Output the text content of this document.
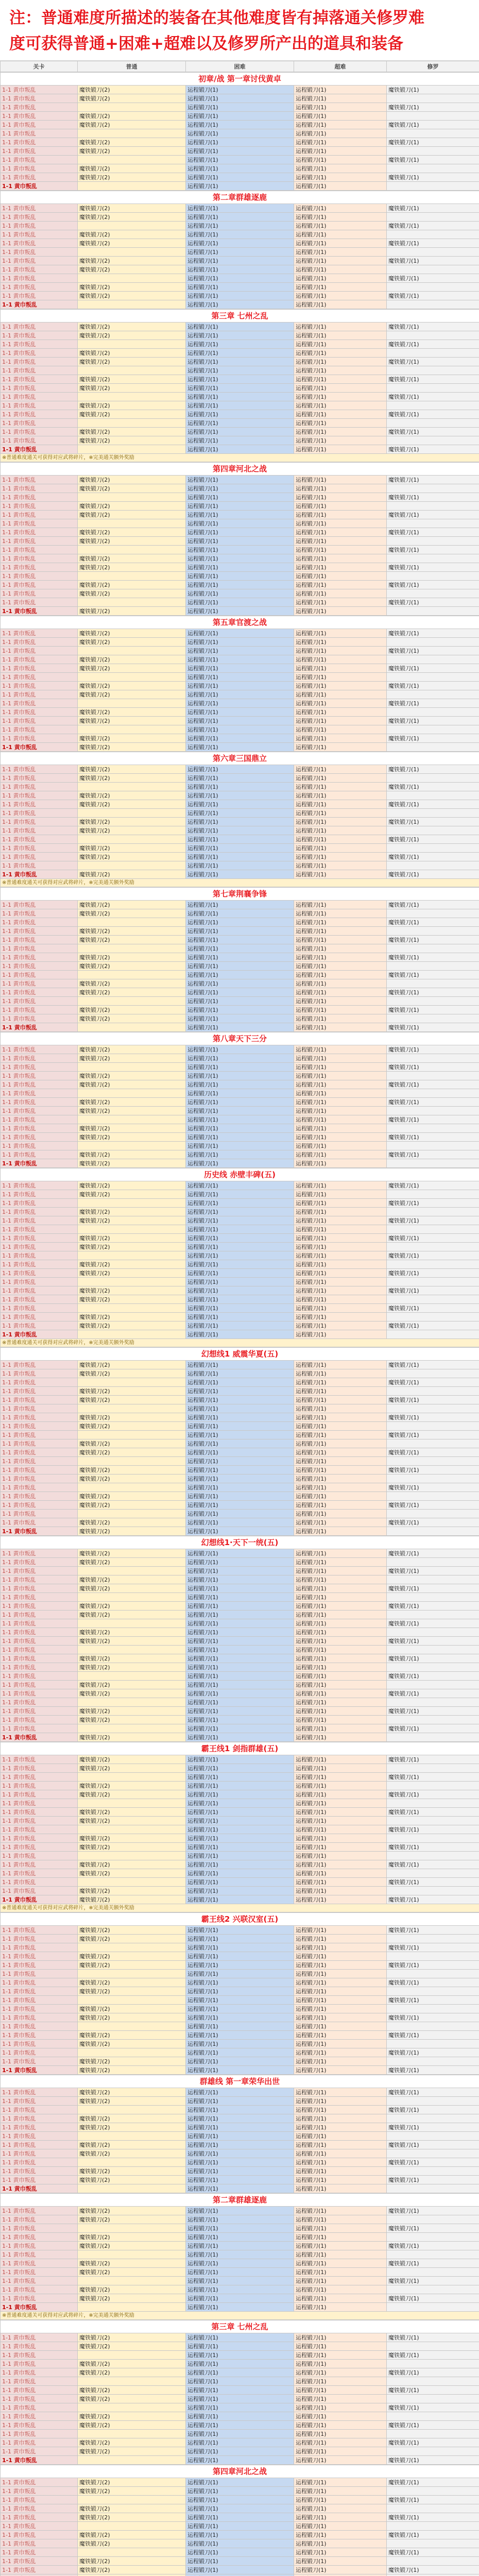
注：普通难度所描述的装备在其他难度皆有掉落通关修罗难
度可获得普通+困难+超难以及修罗所产出的道具和装备
关卡	普通	困难	超难	修罗
初章/战 第一章讨伐黄卓				
1-1 黄巾叛乱	魔铁锻刀(2)	运程锻刀(1)	运程锻刀(1)	魔铁锻刀(1)
1-1 黄巾叛乱	魔铁锻刀(2)	运程锻刀(1)	运程锻刀(1)	
1-1 黄巾叛乱		运程锻刀(1)	运程锻刀(1)	魔铁锻刀(1)
1-1 黄巾叛乱	魔铁锻刀(2)	运程锻刀(1)	运程锻刀(1)	
1-1 黄巾叛乱	魔铁锻刀(2)	运程锻刀(1)	运程锻刀(1)	魔铁锻刀(1)
1-1 黄巾叛乱		运程锻刀(1)	运程锻刀(1)	
1-1 黄巾叛乱	魔铁锻刀(2)	运程锻刀(1)	运程锻刀(1)	魔铁锻刀(1)
1-1 黄巾叛乱	魔铁锻刀(2)	运程锻刀(1)	运程锻刀(1)	
1-1 黄巾叛乱		运程锻刀(1)	运程锻刀(1)	魔铁锻刀(1)
1-1 黄巾叛乱	魔铁锻刀(2)	运程锻刀(1)	运程锻刀(1)	
1-1 黄巾叛乱	魔铁锻刀(2)	运程锻刀(1)	运程锻刀(1)	魔铁锻刀(1)
1-1 黄巾叛乱		运程锻刀(1)	运程锻刀(1)	
第二章群雄逐鹿				
1-1 黄巾叛乱	魔铁锻刀(2)	运程锻刀(1)	运程锻刀(1)	魔铁锻刀(1)
1-1 黄巾叛乱	魔铁锻刀(2)	运程锻刀(1)	运程锻刀(1)	
1-1 黄巾叛乱		运程锻刀(1)	运程锻刀(1)	魔铁锻刀(1)
1-1 黄巾叛乱	魔铁锻刀(2)	运程锻刀(1)	运程锻刀(1)	
1-1 黄巾叛乱	魔铁锻刀(2)	运程锻刀(1)	运程锻刀(1)	魔铁锻刀(1)
1-1 黄巾叛乱		运程锻刀(1)	运程锻刀(1)	
1-1 黄巾叛乱	魔铁锻刀(2)	运程锻刀(1)	运程锻刀(1)	魔铁锻刀(1)
1-1 黄巾叛乱	魔铁锻刀(2)	运程锻刀(1)	运程锻刀(1)	
1-1 黄巾叛乱		运程锻刀(1)	运程锻刀(1)	魔铁锻刀(1)
1-1 黄巾叛乱	魔铁锻刀(2)	运程锻刀(1)	运程锻刀(1)	
1-1 黄巾叛乱	魔铁锻刀(2)	运程锻刀(1)	运程锻刀(1)	魔铁锻刀(1)
1-1 黄巾叛乱		运程锻刀(1)	运程锻刀(1)	
第三章 七州之乱				
1-1 黄巾叛乱	魔铁锻刀(2)	运程锻刀(1)	运程锻刀(1)	魔铁锻刀(1)
1-1 黄巾叛乱	魔铁锻刀(2)	运程锻刀(1)	运程锻刀(1)	
1-1 黄巾叛乱		运程锻刀(1)	运程锻刀(1)	魔铁锻刀(1)
1-1 黄巾叛乱	魔铁锻刀(2)	运程锻刀(1)	运程锻刀(1)	
1-1 黄巾叛乱	魔铁锻刀(2)	运程锻刀(1)	运程锻刀(1)	魔铁锻刀(1)
1-1 黄巾叛乱		运程锻刀(1)	运程锻刀(1)	
1-1 黄巾叛乱	魔铁锻刀(2)	运程锻刀(1)	运程锻刀(1)	魔铁锻刀(1)
1-1 黄巾叛乱	魔铁锻刀(2)	运程锻刀(1)	运程锻刀(1)	
1-1 黄巾叛乱		运程锻刀(1)	运程锻刀(1)	魔铁锻刀(1)
1-1 黄巾叛乱	魔铁锻刀(2)	运程锻刀(1)	运程锻刀(1)	
1-1 黄巾叛乱	魔铁锻刀(2)	运程锻刀(1)	运程锻刀(1)	魔铁锻刀(1)
1-1 黄巾叛乱		运程锻刀(1)	运程锻刀(1)	
1-1 黄巾叛乱	魔铁锻刀(2)	运程锻刀(1)	运程锻刀(1)	魔铁锻刀(1)
1-1 黄巾叛乱	魔铁锻刀(2)	运程锻刀(1)	运程锻刀(1)	
1-1 黄巾叛乱		运程锻刀(1)	运程锻刀(1)	魔铁锻刀(1)
※普通难度通关可获得对应武将碎片，※完美通关额外奖励				
第四章河北之战				
1-1 黄巾叛乱	魔铁锻刀(2)	运程锻刀(1)	运程锻刀(1)	魔铁锻刀(1)
1-1 黄巾叛乱	魔铁锻刀(2)	运程锻刀(1)	运程锻刀(1)	
1-1 黄巾叛乱		运程锻刀(1)	运程锻刀(1)	魔铁锻刀(1)
1-1 黄巾叛乱	魔铁锻刀(2)	运程锻刀(1)	运程锻刀(1)	
1-1 黄巾叛乱	魔铁锻刀(2)	运程锻刀(1)	运程锻刀(1)	魔铁锻刀(1)
1-1 黄巾叛乱		运程锻刀(1)	运程锻刀(1)	
1-1 黄巾叛乱	魔铁锻刀(2)	运程锻刀(1)	运程锻刀(1)	魔铁锻刀(1)
1-1 黄巾叛乱	魔铁锻刀(2)	运程锻刀(1)	运程锻刀(1)	
1-1 黄巾叛乱		运程锻刀(1)	运程锻刀(1)	魔铁锻刀(1)
1-1 黄巾叛乱	魔铁锻刀(2)	运程锻刀(1)	运程锻刀(1)	
1-1 黄巾叛乱	魔铁锻刀(2)	运程锻刀(1)	运程锻刀(1)	魔铁锻刀(1)
1-1 黄巾叛乱		运程锻刀(1)	运程锻刀(1)	
1-1 黄巾叛乱	魔铁锻刀(2)	运程锻刀(1)	运程锻刀(1)	魔铁锻刀(1)
1-1 黄巾叛乱	魔铁锻刀(2)	运程锻刀(1)	运程锻刀(1)	
1-1 黄巾叛乱		运程锻刀(1)	运程锻刀(1)	魔铁锻刀(1)
1-1 黄巾叛乱	魔铁锻刀(2)	运程锻刀(1)	运程锻刀(1)	
第五章官渡之战				
1-1 黄巾叛乱	魔铁锻刀(2)	运程锻刀(1)	运程锻刀(1)	魔铁锻刀(1)
1-1 黄巾叛乱	魔铁锻刀(2)	运程锻刀(1)	运程锻刀(1)	
1-1 黄巾叛乱		运程锻刀(1)	运程锻刀(1)	魔铁锻刀(1)
1-1 黄巾叛乱	魔铁锻刀(2)	运程锻刀(1)	运程锻刀(1)	
1-1 黄巾叛乱	魔铁锻刀(2)	运程锻刀(1)	运程锻刀(1)	魔铁锻刀(1)
1-1 黄巾叛乱		运程锻刀(1)	运程锻刀(1)	
1-1 黄巾叛乱	魔铁锻刀(2)	运程锻刀(1)	运程锻刀(1)	魔铁锻刀(1)
1-1 黄巾叛乱	魔铁锻刀(2)	运程锻刀(1)	运程锻刀(1)	
1-1 黄巾叛乱		运程锻刀(1)	运程锻刀(1)	魔铁锻刀(1)
1-1 黄巾叛乱	魔铁锻刀(2)	运程锻刀(1)	运程锻刀(1)	
1-1 黄巾叛乱	魔铁锻刀(2)	运程锻刀(1)	运程锻刀(1)	魔铁锻刀(1)
1-1 黄巾叛乱		运程锻刀(1)	运程锻刀(1)	
1-1 黄巾叛乱	魔铁锻刀(2)	运程锻刀(1)	运程锻刀(1)	魔铁锻刀(1)
1-1 黄巾叛乱	魔铁锻刀(2)	运程锻刀(1)	运程锻刀(1)	
第六章三国鼎立				
1-1 黄巾叛乱	魔铁锻刀(2)	运程锻刀(1)	运程锻刀(1)	魔铁锻刀(1)
1-1 黄巾叛乱	魔铁锻刀(2)	运程锻刀(1)	运程锻刀(1)	
1-1 黄巾叛乱		运程锻刀(1)	运程锻刀(1)	魔铁锻刀(1)
1-1 黄巾叛乱	魔铁锻刀(2)	运程锻刀(1)	运程锻刀(1)	
1-1 黄巾叛乱	魔铁锻刀(2)	运程锻刀(1)	运程锻刀(1)	魔铁锻刀(1)
1-1 黄巾叛乱		运程锻刀(1)	运程锻刀(1)	
1-1 黄巾叛乱	魔铁锻刀(2)	运程锻刀(1)	运程锻刀(1)	魔铁锻刀(1)
1-1 黄巾叛乱	魔铁锻刀(2)	运程锻刀(1)	运程锻刀(1)	
1-1 黄巾叛乱		运程锻刀(1)	运程锻刀(1)	魔铁锻刀(1)
1-1 黄巾叛乱	魔铁锻刀(2)	运程锻刀(1)	运程锻刀(1)	
1-1 黄巾叛乱	魔铁锻刀(2)	运程锻刀(1)	运程锻刀(1)	魔铁锻刀(1)
1-1 黄巾叛乱		运程锻刀(1)	运程锻刀(1)	
1-1 黄巾叛乱	魔铁锻刀(2)	运程锻刀(1)	运程锻刀(1)	魔铁锻刀(1)
※普通难度通关可获得对应武将碎片，※完美通关额外奖励				
第七章荆襄争锋				
1-1 黄巾叛乱	魔铁锻刀(2)	运程锻刀(1)	运程锻刀(1)	魔铁锻刀(1)
1-1 黄巾叛乱	魔铁锻刀(2)	运程锻刀(1)	运程锻刀(1)	
1-1 黄巾叛乱		运程锻刀(1)	运程锻刀(1)	魔铁锻刀(1)
1-1 黄巾叛乱	魔铁锻刀(2)	运程锻刀(1)	运程锻刀(1)	
1-1 黄巾叛乱	魔铁锻刀(2)	运程锻刀(1)	运程锻刀(1)	魔铁锻刀(1)
1-1 黄巾叛乱		运程锻刀(1)	运程锻刀(1)	
1-1 黄巾叛乱	魔铁锻刀(2)	运程锻刀(1)	运程锻刀(1)	魔铁锻刀(1)
1-1 黄巾叛乱	魔铁锻刀(2)	运程锻刀(1)	运程锻刀(1)	
1-1 黄巾叛乱		运程锻刀(1)	运程锻刀(1)	魔铁锻刀(1)
1-1 黄巾叛乱	魔铁锻刀(2)	运程锻刀(1)	运程锻刀(1)	
1-1 黄巾叛乱	魔铁锻刀(2)	运程锻刀(1)	运程锻刀(1)	魔铁锻刀(1)
1-1 黄巾叛乱		运程锻刀(1)	运程锻刀(1)	
1-1 黄巾叛乱	魔铁锻刀(2)	运程锻刀(1)	运程锻刀(1)	魔铁锻刀(1)
1-1 黄巾叛乱	魔铁锻刀(2)	运程锻刀(1)	运程锻刀(1)	
1-1 黄巾叛乱		运程锻刀(1)	运程锻刀(1)	魔铁锻刀(1)
第八章天下三分				
1-1 黄巾叛乱	魔铁锻刀(2)	运程锻刀(1)	运程锻刀(1)	魔铁锻刀(1)
1-1 黄巾叛乱	魔铁锻刀(2)	运程锻刀(1)	运程锻刀(1)	
1-1 黄巾叛乱		运程锻刀(1)	运程锻刀(1)	魔铁锻刀(1)
1-1 黄巾叛乱	魔铁锻刀(2)	运程锻刀(1)	运程锻刀(1)	
1-1 黄巾叛乱	魔铁锻刀(2)	运程锻刀(1)	运程锻刀(1)	魔铁锻刀(1)
1-1 黄巾叛乱		运程锻刀(1)	运程锻刀(1)	
1-1 黄巾叛乱	魔铁锻刀(2)	运程锻刀(1)	运程锻刀(1)	魔铁锻刀(1)
1-1 黄巾叛乱	魔铁锻刀(2)	运程锻刀(1)	运程锻刀(1)	
1-1 黄巾叛乱		运程锻刀(1)	运程锻刀(1)	魔铁锻刀(1)
1-1 黄巾叛乱	魔铁锻刀(2)	运程锻刀(1)	运程锻刀(1)	
1-1 黄巾叛乱	魔铁锻刀(2)	运程锻刀(1)	运程锻刀(1)	魔铁锻刀(1)
1-1 黄巾叛乱		运程锻刀(1)	运程锻刀(1)	
1-1 黄巾叛乱	魔铁锻刀(2)	运程锻刀(1)	运程锻刀(1)	魔铁锻刀(1)
1-1 黄巾叛乱	魔铁锻刀(2)	运程锻刀(1)	运程锻刀(1)	
历史线 赤壁丰碑(五)				
1-1 黄巾叛乱	魔铁锻刀(2)	运程锻刀(1)	运程锻刀(1)	魔铁锻刀(1)
1-1 黄巾叛乱	魔铁锻刀(2)	运程锻刀(1)	运程锻刀(1)	
1-1 黄巾叛乱		运程锻刀(1)	运程锻刀(1)	魔铁锻刀(1)
1-1 黄巾叛乱	魔铁锻刀(2)	运程锻刀(1)	运程锻刀(1)	
1-1 黄巾叛乱	魔铁锻刀(2)	运程锻刀(1)	运程锻刀(1)	魔铁锻刀(1)
1-1 黄巾叛乱		运程锻刀(1)	运程锻刀(1)	
1-1 黄巾叛乱	魔铁锻刀(2)	运程锻刀(1)	运程锻刀(1)	魔铁锻刀(1)
1-1 黄巾叛乱	魔铁锻刀(2)	运程锻刀(1)	运程锻刀(1)	
1-1 黄巾叛乱		运程锻刀(1)	运程锻刀(1)	魔铁锻刀(1)
1-1 黄巾叛乱	魔铁锻刀(2)	运程锻刀(1)	运程锻刀(1)	
1-1 黄巾叛乱	魔铁锻刀(2)	运程锻刀(1)	运程锻刀(1)	魔铁锻刀(1)
1-1 黄巾叛乱		运程锻刀(1)	运程锻刀(1)	
1-1 黄巾叛乱	魔铁锻刀(2)	运程锻刀(1)	运程锻刀(1)	魔铁锻刀(1)
1-1 黄巾叛乱	魔铁锻刀(2)	运程锻刀(1)	运程锻刀(1)	
1-1 黄巾叛乱		运程锻刀(1)	运程锻刀(1)	魔铁锻刀(1)
1-1 黄巾叛乱	魔铁锻刀(2)	运程锻刀(1)	运程锻刀(1)	
1-1 黄巾叛乱	魔铁锻刀(2)	运程锻刀(1)	运程锻刀(1)	魔铁锻刀(1)
1-1 黄巾叛乱		运程锻刀(1)	运程锻刀(1)	
※普通难度通关可获得对应武将碎片，※完美通关额外奖励				
幻想线1 威震华夏(五)				
1-1 黄巾叛乱	魔铁锻刀(2)	运程锻刀(1)	运程锻刀(1)	魔铁锻刀(1)
1-1 黄巾叛乱	魔铁锻刀(2)	运程锻刀(1)	运程锻刀(1)	
1-1 黄巾叛乱		运程锻刀(1)	运程锻刀(1)	魔铁锻刀(1)
1-1 黄巾叛乱	魔铁锻刀(2)	运程锻刀(1)	运程锻刀(1)	
1-1 黄巾叛乱	魔铁锻刀(2)	运程锻刀(1)	运程锻刀(1)	魔铁锻刀(1)
1-1 黄巾叛乱		运程锻刀(1)	运程锻刀(1)	
1-1 黄巾叛乱	魔铁锻刀(2)	运程锻刀(1)	运程锻刀(1)	魔铁锻刀(1)
1-1 黄巾叛乱	魔铁锻刀(2)	运程锻刀(1)	运程锻刀(1)	
1-1 黄巾叛乱		运程锻刀(1)	运程锻刀(1)	魔铁锻刀(1)
1-1 黄巾叛乱	魔铁锻刀(2)	运程锻刀(1)	运程锻刀(1)	
1-1 黄巾叛乱	魔铁锻刀(2)	运程锻刀(1)	运程锻刀(1)	魔铁锻刀(1)
1-1 黄巾叛乱		运程锻刀(1)	运程锻刀(1)	
1-1 黄巾叛乱	魔铁锻刀(2)	运程锻刀(1)	运程锻刀(1)	魔铁锻刀(1)
1-1 黄巾叛乱	魔铁锻刀(2)	运程锻刀(1)	运程锻刀(1)	
1-1 黄巾叛乱		运程锻刀(1)	运程锻刀(1)	魔铁锻刀(1)
1-1 黄巾叛乱	魔铁锻刀(2)	运程锻刀(1)	运程锻刀(1)	
1-1 黄巾叛乱	魔铁锻刀(2)	运程锻刀(1)	运程锻刀(1)	魔铁锻刀(1)
1-1 黄巾叛乱		运程锻刀(1)	运程锻刀(1)	
1-1 黄巾叛乱	魔铁锻刀(2)	运程锻刀(1)	运程锻刀(1)	魔铁锻刀(1)
1-1 黄巾叛乱	魔铁锻刀(2)	运程锻刀(1)	运程锻刀(1)	
幻想线1·天下一统(五)				
1-1 黄巾叛乱	魔铁锻刀(2)	运程锻刀(1)	运程锻刀(1)	魔铁锻刀(1)
1-1 黄巾叛乱	魔铁锻刀(2)	运程锻刀(1)	运程锻刀(1)	
1-1 黄巾叛乱		运程锻刀(1)	运程锻刀(1)	魔铁锻刀(1)
1-1 黄巾叛乱	魔铁锻刀(2)	运程锻刀(1)	运程锻刀(1)	
1-1 黄巾叛乱	魔铁锻刀(2)	运程锻刀(1)	运程锻刀(1)	魔铁锻刀(1)
1-1 黄巾叛乱		运程锻刀(1)	运程锻刀(1)	
1-1 黄巾叛乱	魔铁锻刀(2)	运程锻刀(1)	运程锻刀(1)	魔铁锻刀(1)
1-1 黄巾叛乱	魔铁锻刀(2)	运程锻刀(1)	运程锻刀(1)	
1-1 黄巾叛乱		运程锻刀(1)	运程锻刀(1)	魔铁锻刀(1)
1-1 黄巾叛乱	魔铁锻刀(2)	运程锻刀(1)	运程锻刀(1)	
1-1 黄巾叛乱	魔铁锻刀(2)	运程锻刀(1)	运程锻刀(1)	魔铁锻刀(1)
1-1 黄巾叛乱		运程锻刀(1)	运程锻刀(1)	
1-1 黄巾叛乱	魔铁锻刀(2)	运程锻刀(1)	运程锻刀(1)	魔铁锻刀(1)
1-1 黄巾叛乱	魔铁锻刀(2)	运程锻刀(1)	运程锻刀(1)	
1-1 黄巾叛乱		运程锻刀(1)	运程锻刀(1)	魔铁锻刀(1)
1-1 黄巾叛乱	魔铁锻刀(2)	运程锻刀(1)	运程锻刀(1)	
1-1 黄巾叛乱	魔铁锻刀(2)	运程锻刀(1)	运程锻刀(1)	魔铁锻刀(1)
1-1 黄巾叛乱		运程锻刀(1)	运程锻刀(1)	
1-1 黄巾叛乱	魔铁锻刀(2)	运程锻刀(1)	运程锻刀(1)	魔铁锻刀(1)
1-1 黄巾叛乱	魔铁锻刀(2)	运程锻刀(1)	运程锻刀(1)	
1-1 黄巾叛乱		运程锻刀(1)	运程锻刀(1)	魔铁锻刀(1)
1-1 黄巾叛乱	魔铁锻刀(2)	运程锻刀(1)	运程锻刀(1)	
霸王线1 剑指群雄(五)				
1-1 黄巾叛乱	魔铁锻刀(2)	运程锻刀(1)	运程锻刀(1)	魔铁锻刀(1)
1-1 黄巾叛乱	魔铁锻刀(2)	运程锻刀(1)	运程锻刀(1)	
1-1 黄巾叛乱		运程锻刀(1)	运程锻刀(1)	魔铁锻刀(1)
1-1 黄巾叛乱	魔铁锻刀(2)	运程锻刀(1)	运程锻刀(1)	
1-1 黄巾叛乱	魔铁锻刀(2)	运程锻刀(1)	运程锻刀(1)	魔铁锻刀(1)
1-1 黄巾叛乱		运程锻刀(1)	运程锻刀(1)	
1-1 黄巾叛乱	魔铁锻刀(2)	运程锻刀(1)	运程锻刀(1)	魔铁锻刀(1)
1-1 黄巾叛乱	魔铁锻刀(2)	运程锻刀(1)	运程锻刀(1)	
1-1 黄巾叛乱		运程锻刀(1)	运程锻刀(1)	魔铁锻刀(1)
1-1 黄巾叛乱	魔铁锻刀(2)	运程锻刀(1)	运程锻刀(1)	
1-1 黄巾叛乱	魔铁锻刀(2)	运程锻刀(1)	运程锻刀(1)	魔铁锻刀(1)
1-1 黄巾叛乱		运程锻刀(1)	运程锻刀(1)	
1-1 黄巾叛乱	魔铁锻刀(2)	运程锻刀(1)	运程锻刀(1)	魔铁锻刀(1)
1-1 黄巾叛乱	魔铁锻刀(2)	运程锻刀(1)	运程锻刀(1)	
1-1 黄巾叛乱		运程锻刀(1)	运程锻刀(1)	魔铁锻刀(1)
1-1 黄巾叛乱	魔铁锻刀(2)	运程锻刀(1)	运程锻刀(1)	
1-1 黄巾叛乱	魔铁锻刀(2)	运程锻刀(1)	运程锻刀(1)	魔铁锻刀(1)
※普通难度通关可获得对应武将碎片，※完美通关额外奖励				
霸王线2 兴联汉室(五)				
1-1 黄巾叛乱	魔铁锻刀(2)	运程锻刀(1)	运程锻刀(1)	魔铁锻刀(1)
1-1 黄巾叛乱	魔铁锻刀(2)	运程锻刀(1)	运程锻刀(1)	
1-1 黄巾叛乱		运程锻刀(1)	运程锻刀(1)	魔铁锻刀(1)
1-1 黄巾叛乱	魔铁锻刀(2)	运程锻刀(1)	运程锻刀(1)	
1-1 黄巾叛乱	魔铁锻刀(2)	运程锻刀(1)	运程锻刀(1)	魔铁锻刀(1)
1-1 黄巾叛乱		运程锻刀(1)	运程锻刀(1)	
1-1 黄巾叛乱	魔铁锻刀(2)	运程锻刀(1)	运程锻刀(1)	魔铁锻刀(1)
1-1 黄巾叛乱	魔铁锻刀(2)	运程锻刀(1)	运程锻刀(1)	
1-1 黄巾叛乱		运程锻刀(1)	运程锻刀(1)	魔铁锻刀(1)
1-1 黄巾叛乱	魔铁锻刀(2)	运程锻刀(1)	运程锻刀(1)	
1-1 黄巾叛乱	魔铁锻刀(2)	运程锻刀(1)	运程锻刀(1)	魔铁锻刀(1)
1-1 黄巾叛乱		运程锻刀(1)	运程锻刀(1)	
1-1 黄巾叛乱	魔铁锻刀(2)	运程锻刀(1)	运程锻刀(1)	魔铁锻刀(1)
1-1 黄巾叛乱	魔铁锻刀(2)	运程锻刀(1)	运程锻刀(1)	
1-1 黄巾叛乱		运程锻刀(1)	运程锻刀(1)	魔铁锻刀(1)
1-1 黄巾叛乱	魔铁锻刀(2)	运程锻刀(1)	运程锻刀(1)	
1-1 黄巾叛乱	魔铁锻刀(2)	运程锻刀(1)	运程锻刀(1)	魔铁锻刀(1)
群雄线 第一章荣华出世				
1-1 黄巾叛乱	魔铁锻刀(2)	运程锻刀(1)	运程锻刀(1)	魔铁锻刀(1)
1-1 黄巾叛乱	魔铁锻刀(2)	运程锻刀(1)	运程锻刀(1)	
1-1 黄巾叛乱		运程锻刀(1)	运程锻刀(1)	魔铁锻刀(1)
1-1 黄巾叛乱	魔铁锻刀(2)	运程锻刀(1)	运程锻刀(1)	
1-1 黄巾叛乱	魔铁锻刀(2)	运程锻刀(1)	运程锻刀(1)	魔铁锻刀(1)
1-1 黄巾叛乱		运程锻刀(1)	运程锻刀(1)	
1-1 黄巾叛乱	魔铁锻刀(2)	运程锻刀(1)	运程锻刀(1)	魔铁锻刀(1)
1-1 黄巾叛乱	魔铁锻刀(2)	运程锻刀(1)	运程锻刀(1)	
1-1 黄巾叛乱		运程锻刀(1)	运程锻刀(1)	魔铁锻刀(1)
1-1 黄巾叛乱	魔铁锻刀(2)	运程锻刀(1)	运程锻刀(1)	
1-1 黄巾叛乱	魔铁锻刀(2)	运程锻刀(1)	运程锻刀(1)	魔铁锻刀(1)
1-1 黄巾叛乱		运程锻刀(1)	运程锻刀(1)	
第二章群雄逐鹿				
1-1 黄巾叛乱	魔铁锻刀(2)	运程锻刀(1)	运程锻刀(1)	魔铁锻刀(1)
1-1 黄巾叛乱	魔铁锻刀(2)	运程锻刀(1)	运程锻刀(1)	
1-1 黄巾叛乱		运程锻刀(1)	运程锻刀(1)	魔铁锻刀(1)
1-1 黄巾叛乱	魔铁锻刀(2)	运程锻刀(1)	运程锻刀(1)	
1-1 黄巾叛乱	魔铁锻刀(2)	运程锻刀(1)	运程锻刀(1)	魔铁锻刀(1)
1-1 黄巾叛乱		运程锻刀(1)	运程锻刀(1)	
1-1 黄巾叛乱	魔铁锻刀(2)	运程锻刀(1)	运程锻刀(1)	魔铁锻刀(1)
1-1 黄巾叛乱	魔铁锻刀(2)	运程锻刀(1)	运程锻刀(1)	
1-1 黄巾叛乱		运程锻刀(1)	运程锻刀(1)	魔铁锻刀(1)
1-1 黄巾叛乱	魔铁锻刀(2)	运程锻刀(1)	运程锻刀(1)	
1-1 黄巾叛乱	魔铁锻刀(2)	运程锻刀(1)	运程锻刀(1)	魔铁锻刀(1)
1-1 黄巾叛乱		运程锻刀(1)	运程锻刀(1)	
※普通难度通关可获得对应武将碎片，※完美通关额外奖励				
第三章 七州之乱				
1-1 黄巾叛乱	魔铁锻刀(2)	运程锻刀(1)	运程锻刀(1)	魔铁锻刀(1)
1-1 黄巾叛乱	魔铁锻刀(2)	运程锻刀(1)	运程锻刀(1)	
1-1 黄巾叛乱		运程锻刀(1)	运程锻刀(1)	魔铁锻刀(1)
1-1 黄巾叛乱	魔铁锻刀(2)	运程锻刀(1)	运程锻刀(1)	
1-1 黄巾叛乱	魔铁锻刀(2)	运程锻刀(1)	运程锻刀(1)	魔铁锻刀(1)
1-1 黄巾叛乱		运程锻刀(1)	运程锻刀(1)	
1-1 黄巾叛乱	魔铁锻刀(2)	运程锻刀(1)	运程锻刀(1)	魔铁锻刀(1)
1-1 黄巾叛乱	魔铁锻刀(2)	运程锻刀(1)	运程锻刀(1)	
1-1 黄巾叛乱		运程锻刀(1)	运程锻刀(1)	魔铁锻刀(1)
1-1 黄巾叛乱	魔铁锻刀(2)	运程锻刀(1)	运程锻刀(1)	
1-1 黄巾叛乱	魔铁锻刀(2)	运程锻刀(1)	运程锻刀(1)	魔铁锻刀(1)
1-1 黄巾叛乱		运程锻刀(1)	运程锻刀(1)	
1-1 黄巾叛乱	魔铁锻刀(2)	运程锻刀(1)	运程锻刀(1)	魔铁锻刀(1)
1-1 黄巾叛乱	魔铁锻刀(2)	运程锻刀(1)	运程锻刀(1)	
1-1 黄巾叛乱		运程锻刀(1)	运程锻刀(1)	魔铁锻刀(1)
第四章河北之战				
1-1 黄巾叛乱	魔铁锻刀(2)	运程锻刀(1)	运程锻刀(1)	魔铁锻刀(1)
1-1 黄巾叛乱	魔铁锻刀(2)	运程锻刀(1)	运程锻刀(1)	
1-1 黄巾叛乱		运程锻刀(1)	运程锻刀(1)	魔铁锻刀(1)
1-1 黄巾叛乱	魔铁锻刀(2)	运程锻刀(1)	运程锻刀(1)	
1-1 黄巾叛乱	魔铁锻刀(2)	运程锻刀(1)	运程锻刀(1)	魔铁锻刀(1)
1-1 黄巾叛乱		运程锻刀(1)	运程锻刀(1)	
1-1 黄巾叛乱	魔铁锻刀(2)	运程锻刀(1)	运程锻刀(1)	魔铁锻刀(1)
1-1 黄巾叛乱	魔铁锻刀(2)	运程锻刀(1)	运程锻刀(1)	
1-1 黄巾叛乱		运程锻刀(1)	运程锻刀(1)	魔铁锻刀(1)
1-1 黄巾叛乱	魔铁锻刀(2)	运程锻刀(1)	运程锻刀(1)	
1-1 黄巾叛乱	魔铁锻刀(2)	运程锻刀(1)	运程锻刀(1)	魔铁锻刀(1)
